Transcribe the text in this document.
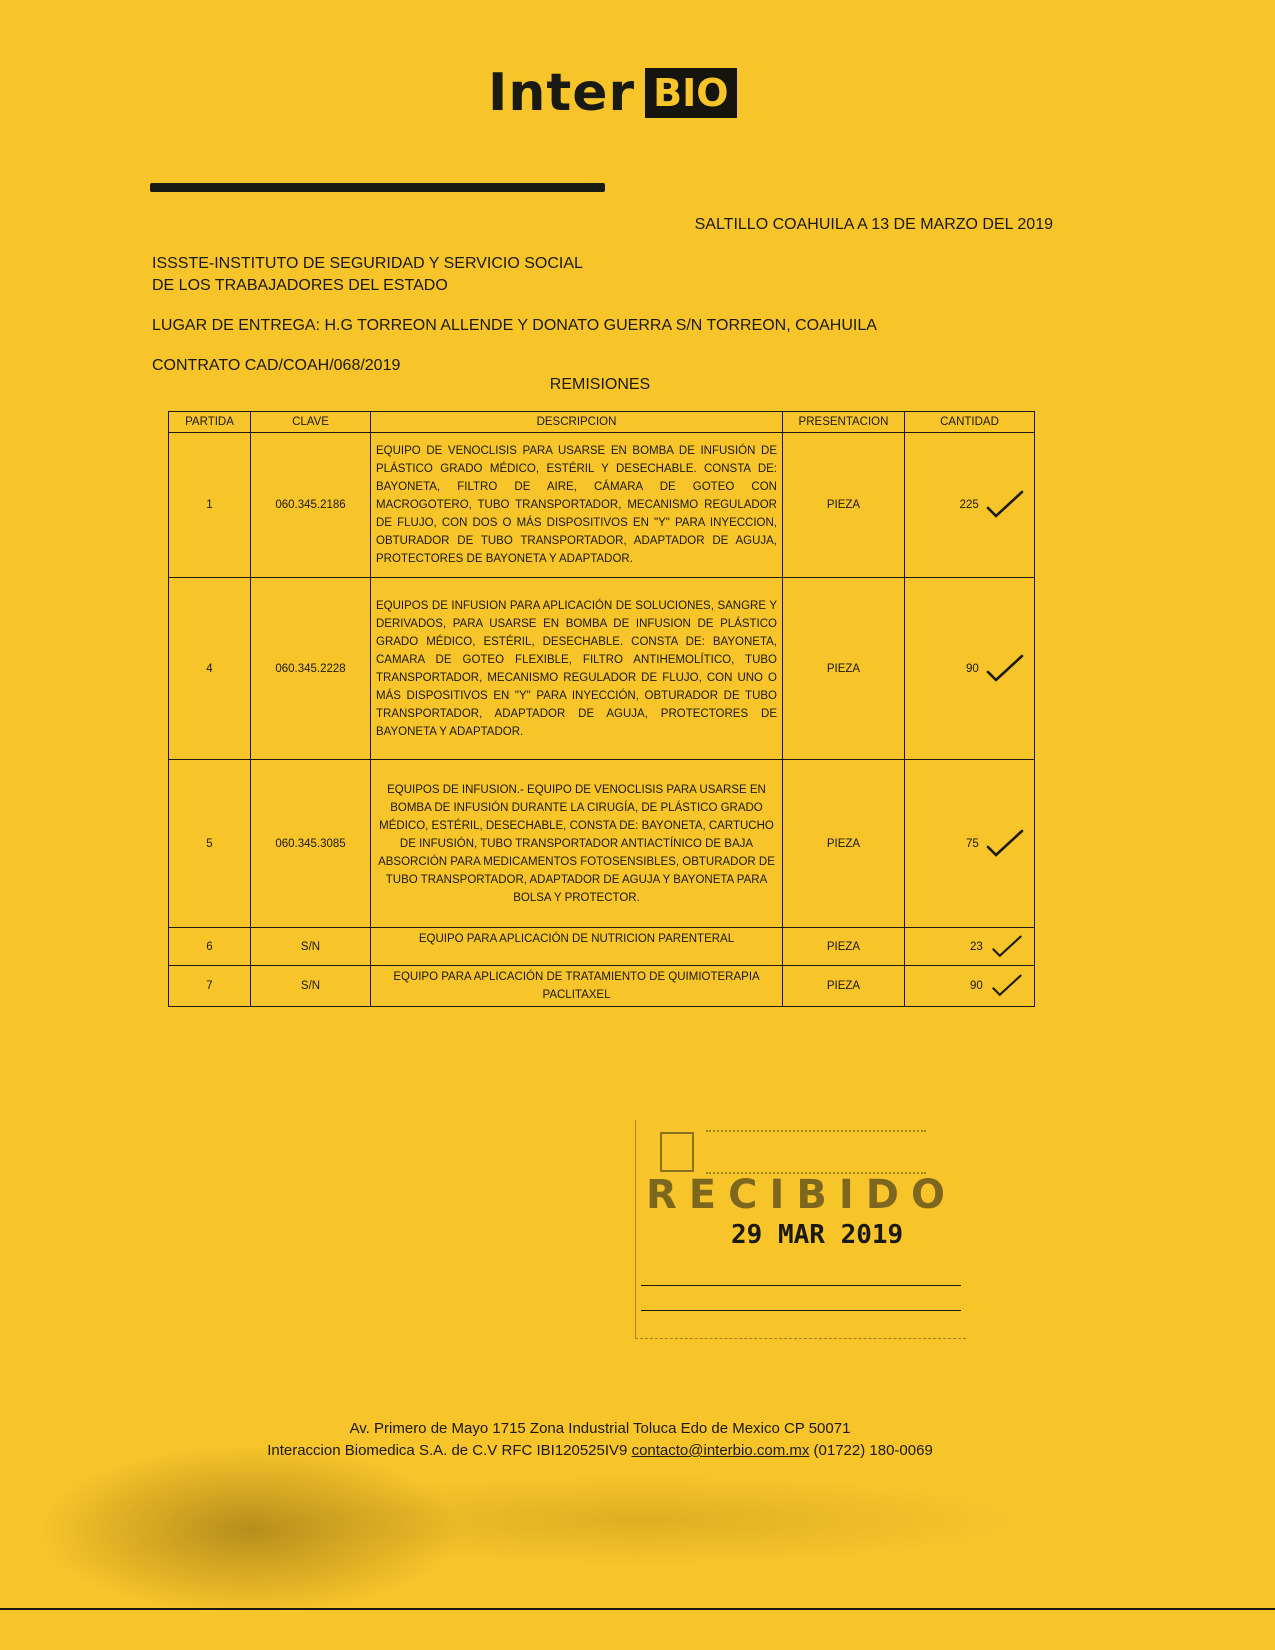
Inter BIO
SALTILLO COAHUILA A 13 DE MARZO DEL 2019
ISSSTE-INSTITUTO DE SEGURIDAD Y SERVICIO SOCIAL
DE LOS TRABAJADORES DEL ESTADO
LUGAR DE ENTREGA: H.G TORREON ALLENDE Y DONATO GUERRA S/N TORREON, COAHUILA
CONTRATO CAD/COAH/068/2019
REMISIONES
PARTIDA	CLAVE	DESCRIPCION	PRESENTACION	CANTIDAD
1	060.345.2186	EQUIPO DE VENOCLISIS PARA USARSE EN BOMBA DE INFUSIÓN DE PLÁSTICO GRADO MÉDICO, ESTÉRIL Y DESECHABLE. CONSTA DE: BAYONETA, FILTRO DE AIRE, CÁMARA DE GOTEO CON MACROGOTERO, TUBO TRANSPORTADOR, MECANISMO REGULADOR DE FLUJO, CON DOS O MÁS DISPOSITIVOS EN "Y" PARA INYECCION, OBTURADOR DE TUBO TRANSPORTADOR, ADAPTADOR DE AGUJA, PROTECTORES DE BAYONETA Y ADAPTADOR.	PIEZA	225
4	060.345.2228	EQUIPOS DE INFUSION PARA APLICACIÓN DE SOLUCIONES, SANGRE Y DERIVADOS, PARA USARSE EN BOMBA DE INFUSION DE PLÁSTICO GRADO MÉDICO, ESTÉRIL, DESECHABLE. CONSTA DE: BAYONETA, CAMARA DE GOTEO FLEXIBLE, FILTRO ANTIHEMOLÍTICO, TUBO TRANSPORTADOR, MECANISMO REGULADOR DE FLUJO, CON UNO O MÁS DISPOSITIVOS EN "Y" PARA INYECCIÓN, OBTURADOR DE TUBO TRANSPORTADOR, ADAPTADOR DE AGUJA, PROTECTORES DE BAYONETA Y ADAPTADOR.	PIEZA	90
5	060.345.3085	EQUIPOS DE INFUSION.- EQUIPO DE VENOCLISIS PARA USARSE EN BOMBA DE INFUSIÓN DURANTE LA CIRUGÍA, DE PLÁSTICO GRADO MÉDICO, ESTÉRIL, DESECHABLE, CONSTA DE: BAYONETA, CARTUCHO DE INFUSIÓN, TUBO TRANSPORTADOR ANTIACTÍNICO DE BAJA ABSORCIÓN PARA MEDICAMENTOS FOTOSENSIBLES, OBTURADOR DE TUBO TRANSPORTADOR, ADAPTADOR DE AGUJA Y BAYONETA PARA BOLSA Y PROTECTOR.	PIEZA	75
6	S/N	EQUIPO PARA APLICACIÓN DE NUTRICION PARENTERAL	PIEZA	23
7	S/N	EQUIPO PARA APLICACIÓN DE TRATAMIENTO DE QUIMIOTERAPIA PACLITAXEL	PIEZA	90
RECIBIDO
29 MAR 2019
Av. Primero de Mayo 1715 Zona Industrial Toluca Edo de Mexico CP 50071
Interaccion Biomedica S.A. de C.V RFC IBI120525IV9 contacto@interbio.com.mx (01722) 180-0069
